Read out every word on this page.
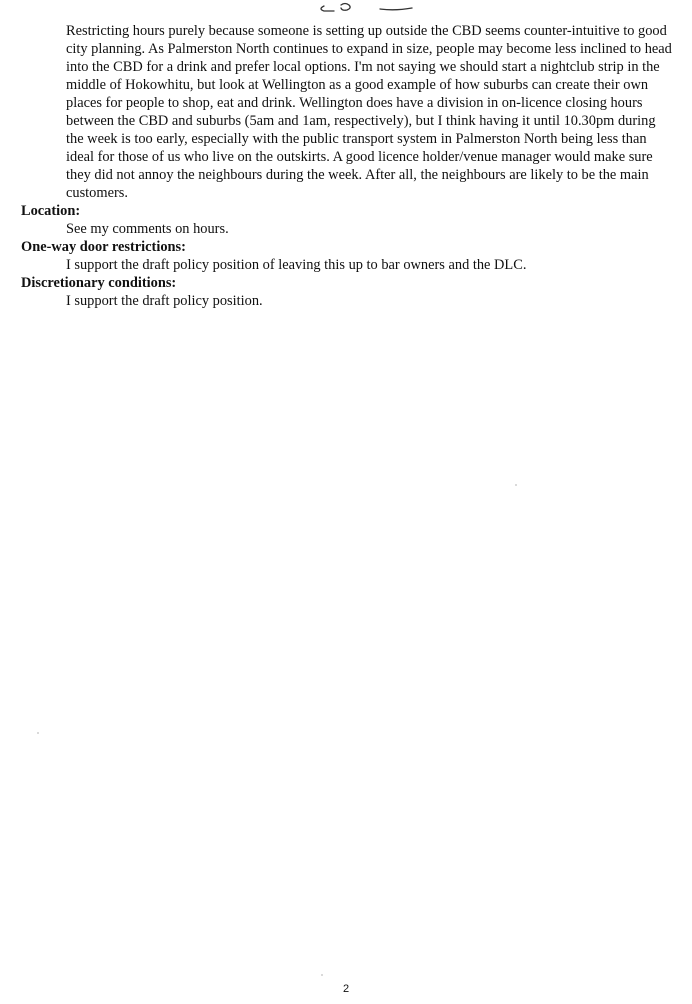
Restricting hours purely because someone is setting up outside the CBD seems counter-intuitive to good city planning. As Palmerston North continues to expand in size, people may become less inclined to head into the CBD for a drink and prefer local options. I'm not saying we should start a nightclub strip in the middle of Hokowhitu, but look at Wellington as a good example of how suburbs can create their own places for people to shop, eat and drink. Wellington does have a division in on-licence closing hours between the CBD and suburbs (5am and 1am, respectively), but I think having it until 10.30pm during the week is too early, especially with the public transport system in Palmerston North being less than ideal for those of us who live on the outskirts. A good licence holder/venue manager would make sure they did not annoy the neighbours during the week. After all, the neighbours are likely to be the main customers.

Location:

See my comments on hours.

One-way door restrictions:

I support the draft policy position of leaving this up to bar owners and the DLC.

Discretionary conditions:

I support the draft policy position.

2
